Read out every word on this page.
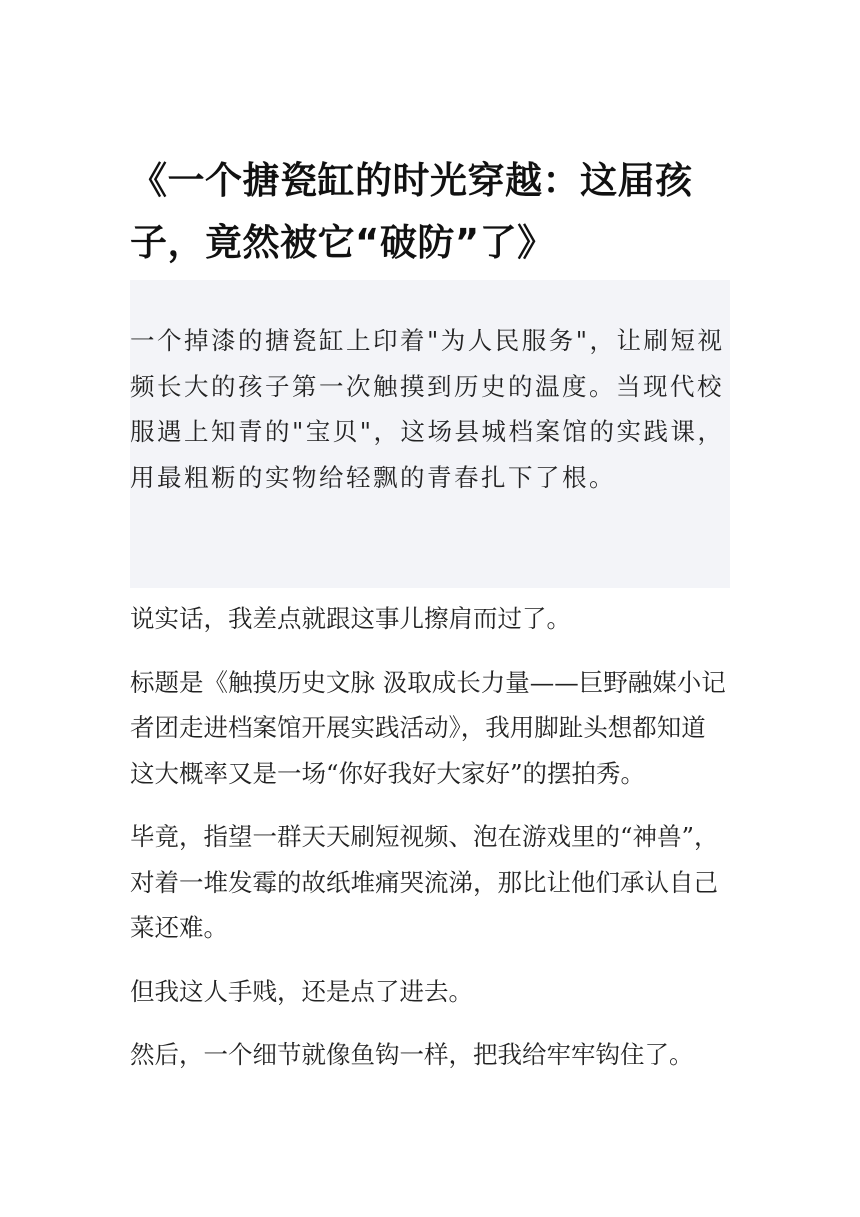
《一个搪瓷缸的时光穿越：这届孩子，竟然被它“破防”了》
一个掉漆的搪瓷缸上印着"为人民服务"，让刷短视频长大的孩子第一次触摸到历史的温度。当现代校服遇上知青的"宝贝"，这场县城档案馆的实践课，用最粗粝的实物给轻飘的青春扎下了根。

说实话，我差点就跟这事儿擦肩而过了。

标题是《触摸历史文脉 汲取成长力量——巨野融媒小记者团走进档案馆开展实践活动》，我用脚趾头想都知道这大概率又是一场“你好我好大家好”的摆拍秀。

毕竟，指望一群天天刷短视频、泡在游戏里的“神兽”，对着一堆发霉的故纸堆痛哭流涕，那比让他们承认自己菜还难。

但我这人手贱，还是点了进去。

然后，一个细节就像鱼钩一样，把我给牢牢钩住了。
